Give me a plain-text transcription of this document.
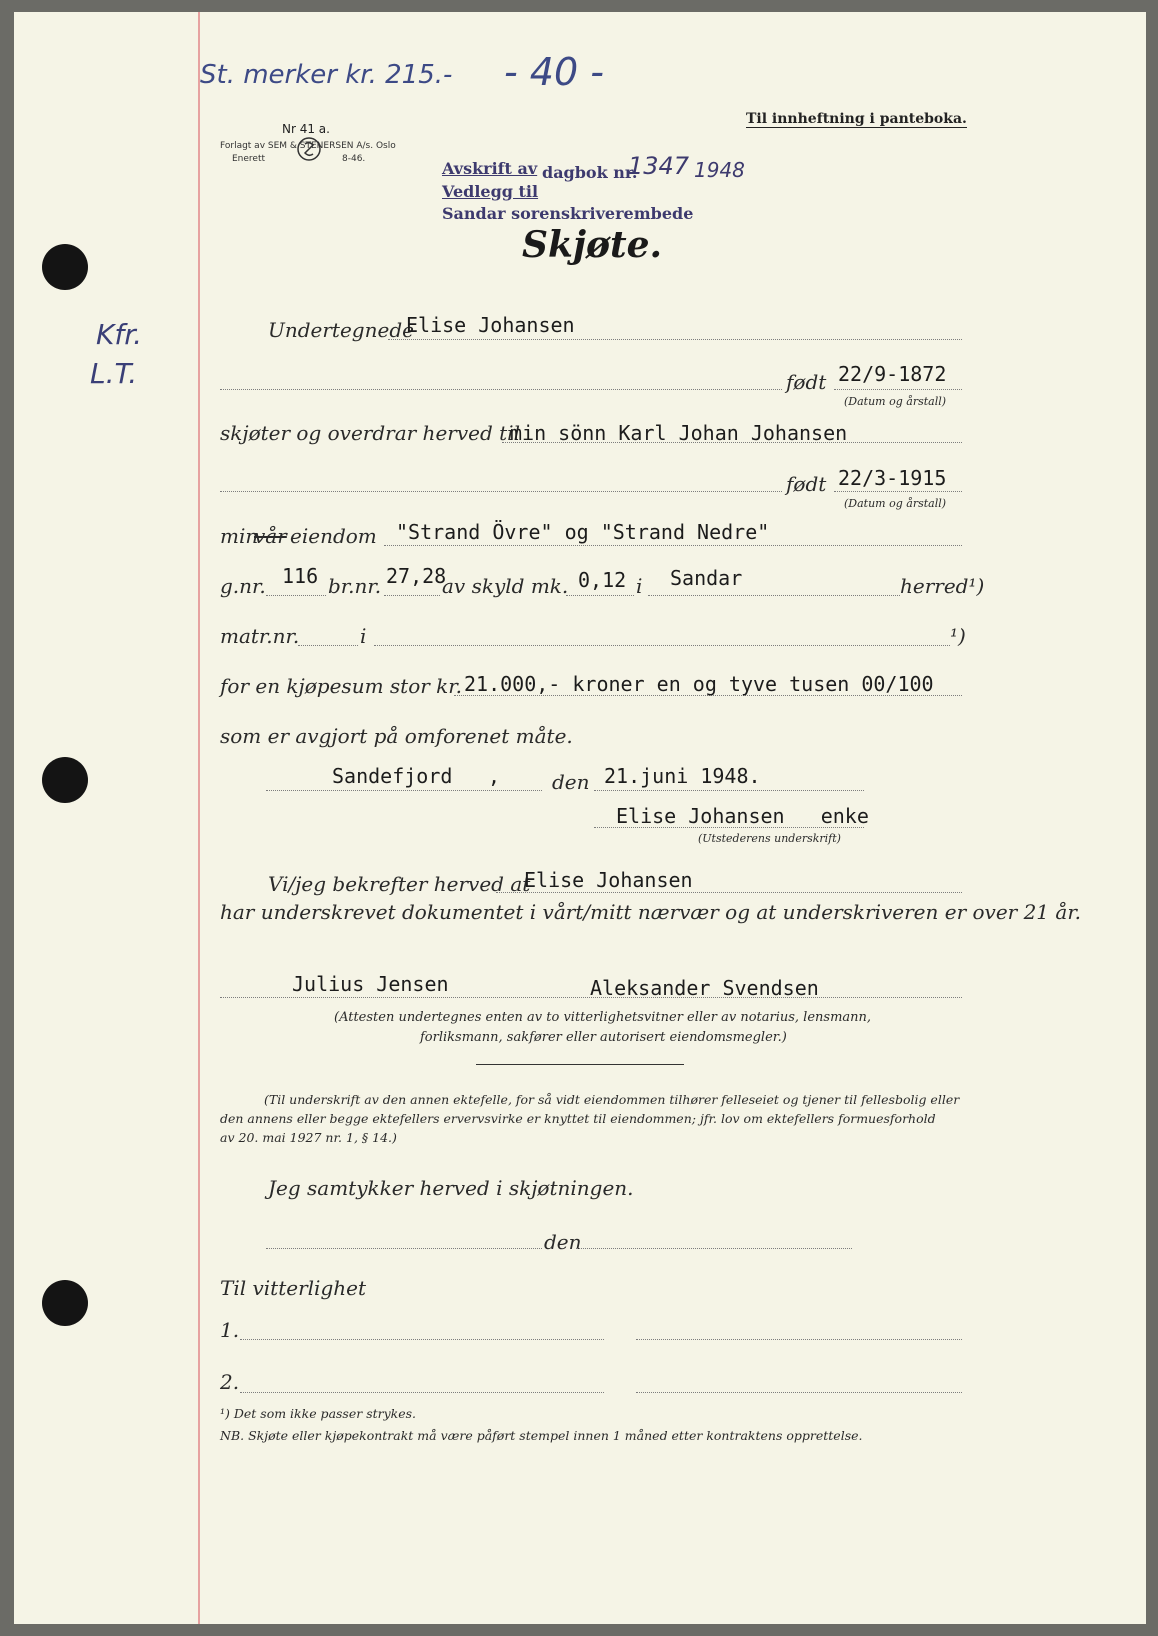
St. merker kr. 215.- - 40 -
Nr 41 a.
Forlagt av SEM & STENERSEN A/s. Oslo
Enerett	8-46.
Til innheftning i panteboka.
Avskrift av dagbok nr.
1347 1948
Vedlegg til
Sandar sorenskriverembede
Skjøte.
Kfr.
L.T.
Undertegnede
Elise Johansen
født 22/9-1872
(Datum og årstall)
skjøter og overdrar herved til
min sönn Karl Johan Johansen
født 22/3-1915
(Datum og årstall)
min
vår eiendom "Strand Övre" og "Strand Nedre"
g.nr. 116 br.nr. 27,28
av skyld mk. 0,12 i Sandar	herred¹)
matr.nr.	i	¹)
for en kjøpesum stor kr. 21.000,- kroner en og tyve tusen 00/100
som er avgjort på omforenet måte.
Sandefjord ,	den 21.juni 1948.
Elise Johansen   enke
(Utstederens underskrift)
Vi/jeg bekrefter herved at
Elise Johansen
har underskrevet dokumentet i vårt/mitt nærvær og at underskriveren er over 21 år.
Julius Jensen	Aleksander Svendsen
(Attesten undertegnes enten av to vitterlighetsvitner eller av notarius, lensmann,
forliksmann, sakfører eller autorisert eiendomsmegler.)
(Til underskrift av den annen ektefelle, for så vidt eiendommen tilhører felleseiet og tjener til fellesbolig eller
den annens eller begge ektefellers ervervsvirke er knyttet til eiendommen; jfr. lov om ektefellers formuesforhold
av 20. mai 1927 nr. 1, § 14.)
Jeg samtykker herved i skjøtningen.
den
Til vitterlighet
1.
2.
¹) Det som ikke passer strykes.
NB. Skjøte eller kjøpekontrakt må være påført stempel innen 1 måned etter kontraktens opprettelse.
